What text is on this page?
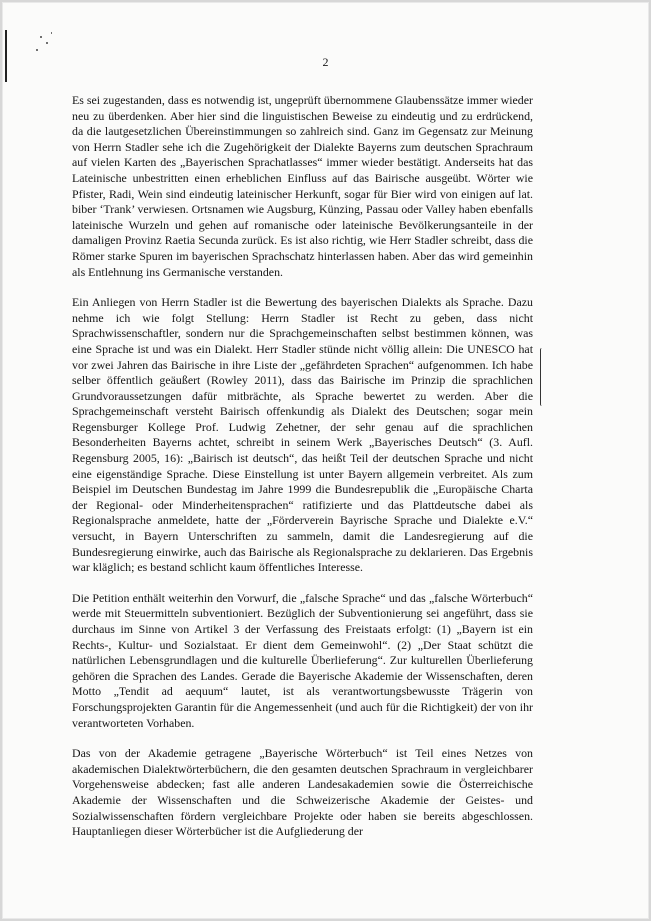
2

Es sei zugestanden, dass es notwendig ist, ungeprüft übernommene Glaubenssätze immer wieder neu zu überdenken. Aber hier sind die linguistischen Beweise zu eindeutig und zu erdrückend, da die lautgesetzlichen Übereinstimmungen so zahlreich sind. Ganz im Gegensatz zur Meinung von Herrn Stadler sehe ich die Zugehörigkeit der Dialekte Bayerns zum deutschen Sprachraum auf vielen Karten des „Bayerischen Sprachatlasses“ immer wieder bestätigt. Anderseits hat das Lateinische unbestritten einen erheblichen Einfluss auf das Bairische ausgeübt. Wörter wie Pfister, Radi, Wein sind eindeutig lateinischer Herkunft, sogar für Bier wird von einigen auf lat. biber ‘Trank’ verwiesen. Ortsnamen wie Augsburg, Künzing, Passau oder Valley haben ebenfalls lateinische Wurzeln und gehen auf romanische oder lateinische Bevölkerungsanteile in der damaligen Provinz Raetia Secunda zurück. Es ist also richtig, wie Herr Stadler schreibt, dass die Römer starke Spuren im bayerischen Sprachschatz hinterlassen haben. Aber das wird gemeinhin als Entlehnung ins Germanische verstanden.

Ein Anliegen von Herrn Stadler ist die Bewertung des bayerischen Dialekts als Sprache. Dazu nehme ich wie folgt Stellung: Herrn Stadler ist Recht zu geben, dass nicht Sprachwissenschaftler, sondern nur die Sprachgemeinschaften selbst bestimmen können, was eine Sprache ist und was ein Dialekt. Herr Stadler stünde nicht völlig allein: Die UNESCO hat vor zwei Jahren das Bairische in ihre Liste der „gefährdeten Sprachen“ aufgenommen. Ich habe selber öffentlich geäußert (Rowley 2011), dass das Bairische im Prinzip die sprachlichen Grundvoraussetzungen dafür mitbrächte, als Sprache bewertet zu werden. Aber die Sprachgemeinschaft versteht Bairisch offenkundig als Dialekt des Deutschen; sogar mein Regensburger Kollege Prof. Ludwig Zehetner, der sehr genau auf die sprachlichen Besonderheiten Bayerns achtet, schreibt in seinem Werk „Bayerisches Deutsch“ (3. Aufl. Regensburg 2005, 16): „Bairisch ist deutsch“, das heißt Teil der deutschen Sprache und nicht eine eigenständige Sprache. Diese Einstellung ist unter Bayern allgemein verbreitet. Als zum Beispiel im Deutschen Bundestag im Jahre 1999 die Bundesrepublik die „Europäische Charta der Regional- oder Minderheitensprachen“ ratifizierte und das Plattdeutsche dabei als Regionalsprache anmeldete, hatte der „Förderverein Bayrische Sprache und Dialekte e.V.“ versucht, in Bayern Unterschriften zu sammeln, damit die Landesregierung auf die Bundesregierung einwirke, auch das Bairische als Regionalsprache zu deklarieren. Das Ergebnis war kläglich; es bestand schlicht kaum öffentliches Interesse.

Die Petition enthält weiterhin den Vorwurf, die „falsche Sprache“ und das „falsche Wörterbuch“ werde mit Steuermitteln subventioniert. Bezüglich der Subventionierung sei angeführt, dass sie durchaus im Sinne von Artikel 3 der Verfassung des Freistaats erfolgt: (1) „Bayern ist ein Rechts-, Kultur- und Sozialstaat. Er dient dem Gemeinwohl“. (2) „Der Staat schützt die natürlichen Lebensgrundlagen und die kulturelle Überlieferung“. Zur kulturellen Überlieferung gehören die Sprachen des Landes. Gerade die Bayerische Akademie der Wissenschaften, deren Motto „Tendit ad aequum“ lautet, ist als verantwortungsbewusste Trägerin von Forschungsprojekten Garantin für die Angemessenheit (und auch für die Richtigkeit) der von ihr verantworteten Vorhaben.

Das von der Akademie getragene „Bayerische Wörterbuch“ ist Teil eines Netzes von akademischen Dialektwörterbüchern, die den gesamten deutschen Sprachraum in vergleichbarer Vorgehensweise abdecken; fast alle anderen Landesakademien sowie die Österreichische Akademie der Wissenschaften und die Schweizerische Akademie der Geistes- und Sozialwissenschaften fördern vergleichbare Projekte oder haben sie bereits abgeschlossen. Hauptanliegen dieser Wörterbücher ist die Aufgliederung der
